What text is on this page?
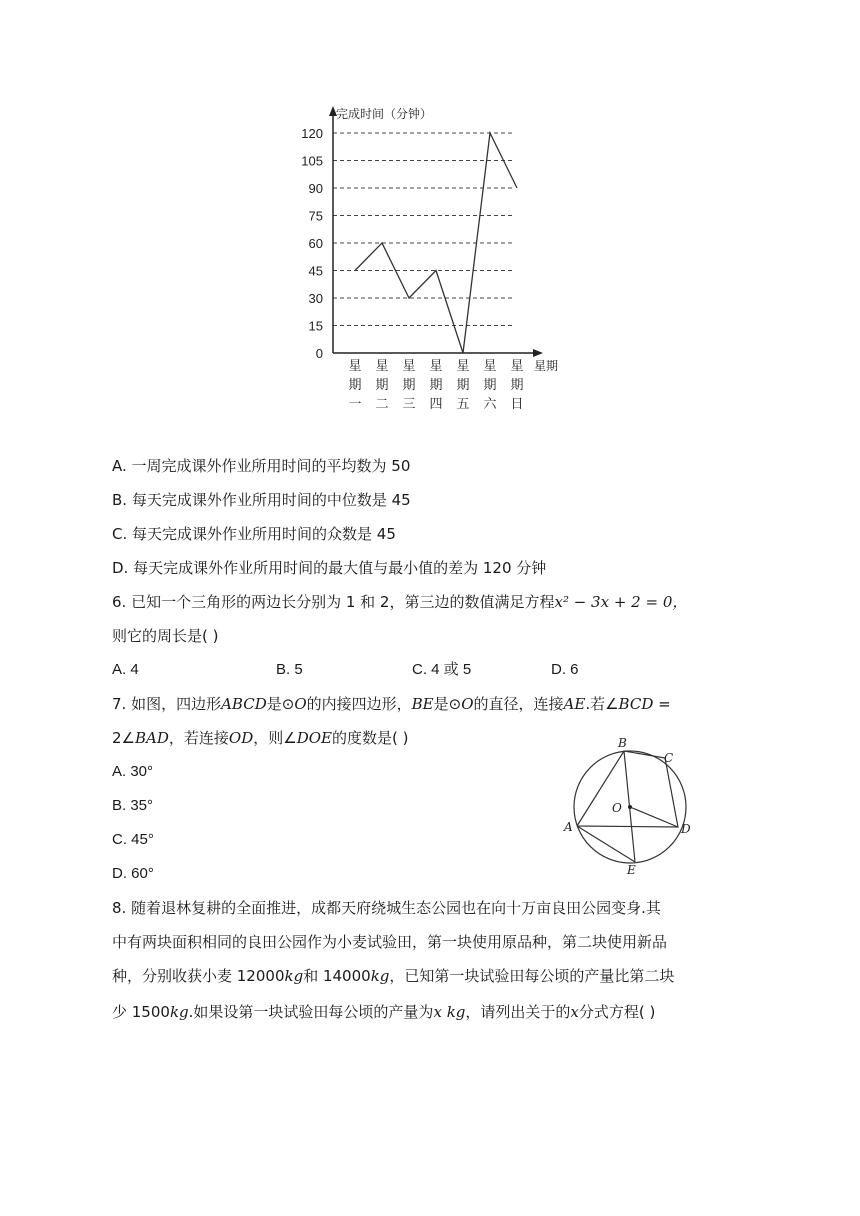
完成时间（分钟）
星期
0
15
30
45
60
75
90
105
120
星
期
一
星
期
二
星
期
三
星
期
四
星
期
五
星
期
六
星
期
日
A. 一周完成课外作业所用时间的平均数为 50
B. 每天完成课外作业所用时间的中位数是 45
C. 每天完成课外作业所用时间的众数是 45
D. 每天完成课外作业所用时间的最大值与最小值的差为 120 分钟
6. 已知一个三角形的两边长分别为 1 和 2，第三边的数值满足方程x² − 3x + 2 = 0，
则它的周长是( )
A. 4	B. 5	C. 4 或 5	D. 6
7. 如图，四边形ABCD是⊙O的内接四边形，BE是⊙O的直径，连接AE.若∠BCD =
2∠BAD，若连接OD，则∠DOE的度数是( )
A. 30°
B. 35°
C. 45°
D. 60°
A
B
C
D
E
O
8. 随着退林复耕的全面推进，成都天府绕城生态公园也在向十万亩良田公园变身.其
中有两块面积相同的良田公园作为小麦试验田，第一块使用原品种，第二块使用新品
种，分别收获小麦 12000kg和 14000kg，已知第一块试验田每公顷的产量比第二块
少 1500kg.如果设第一块试验田每公顷的产量为x kg，请列出关于的x分式方程( )
